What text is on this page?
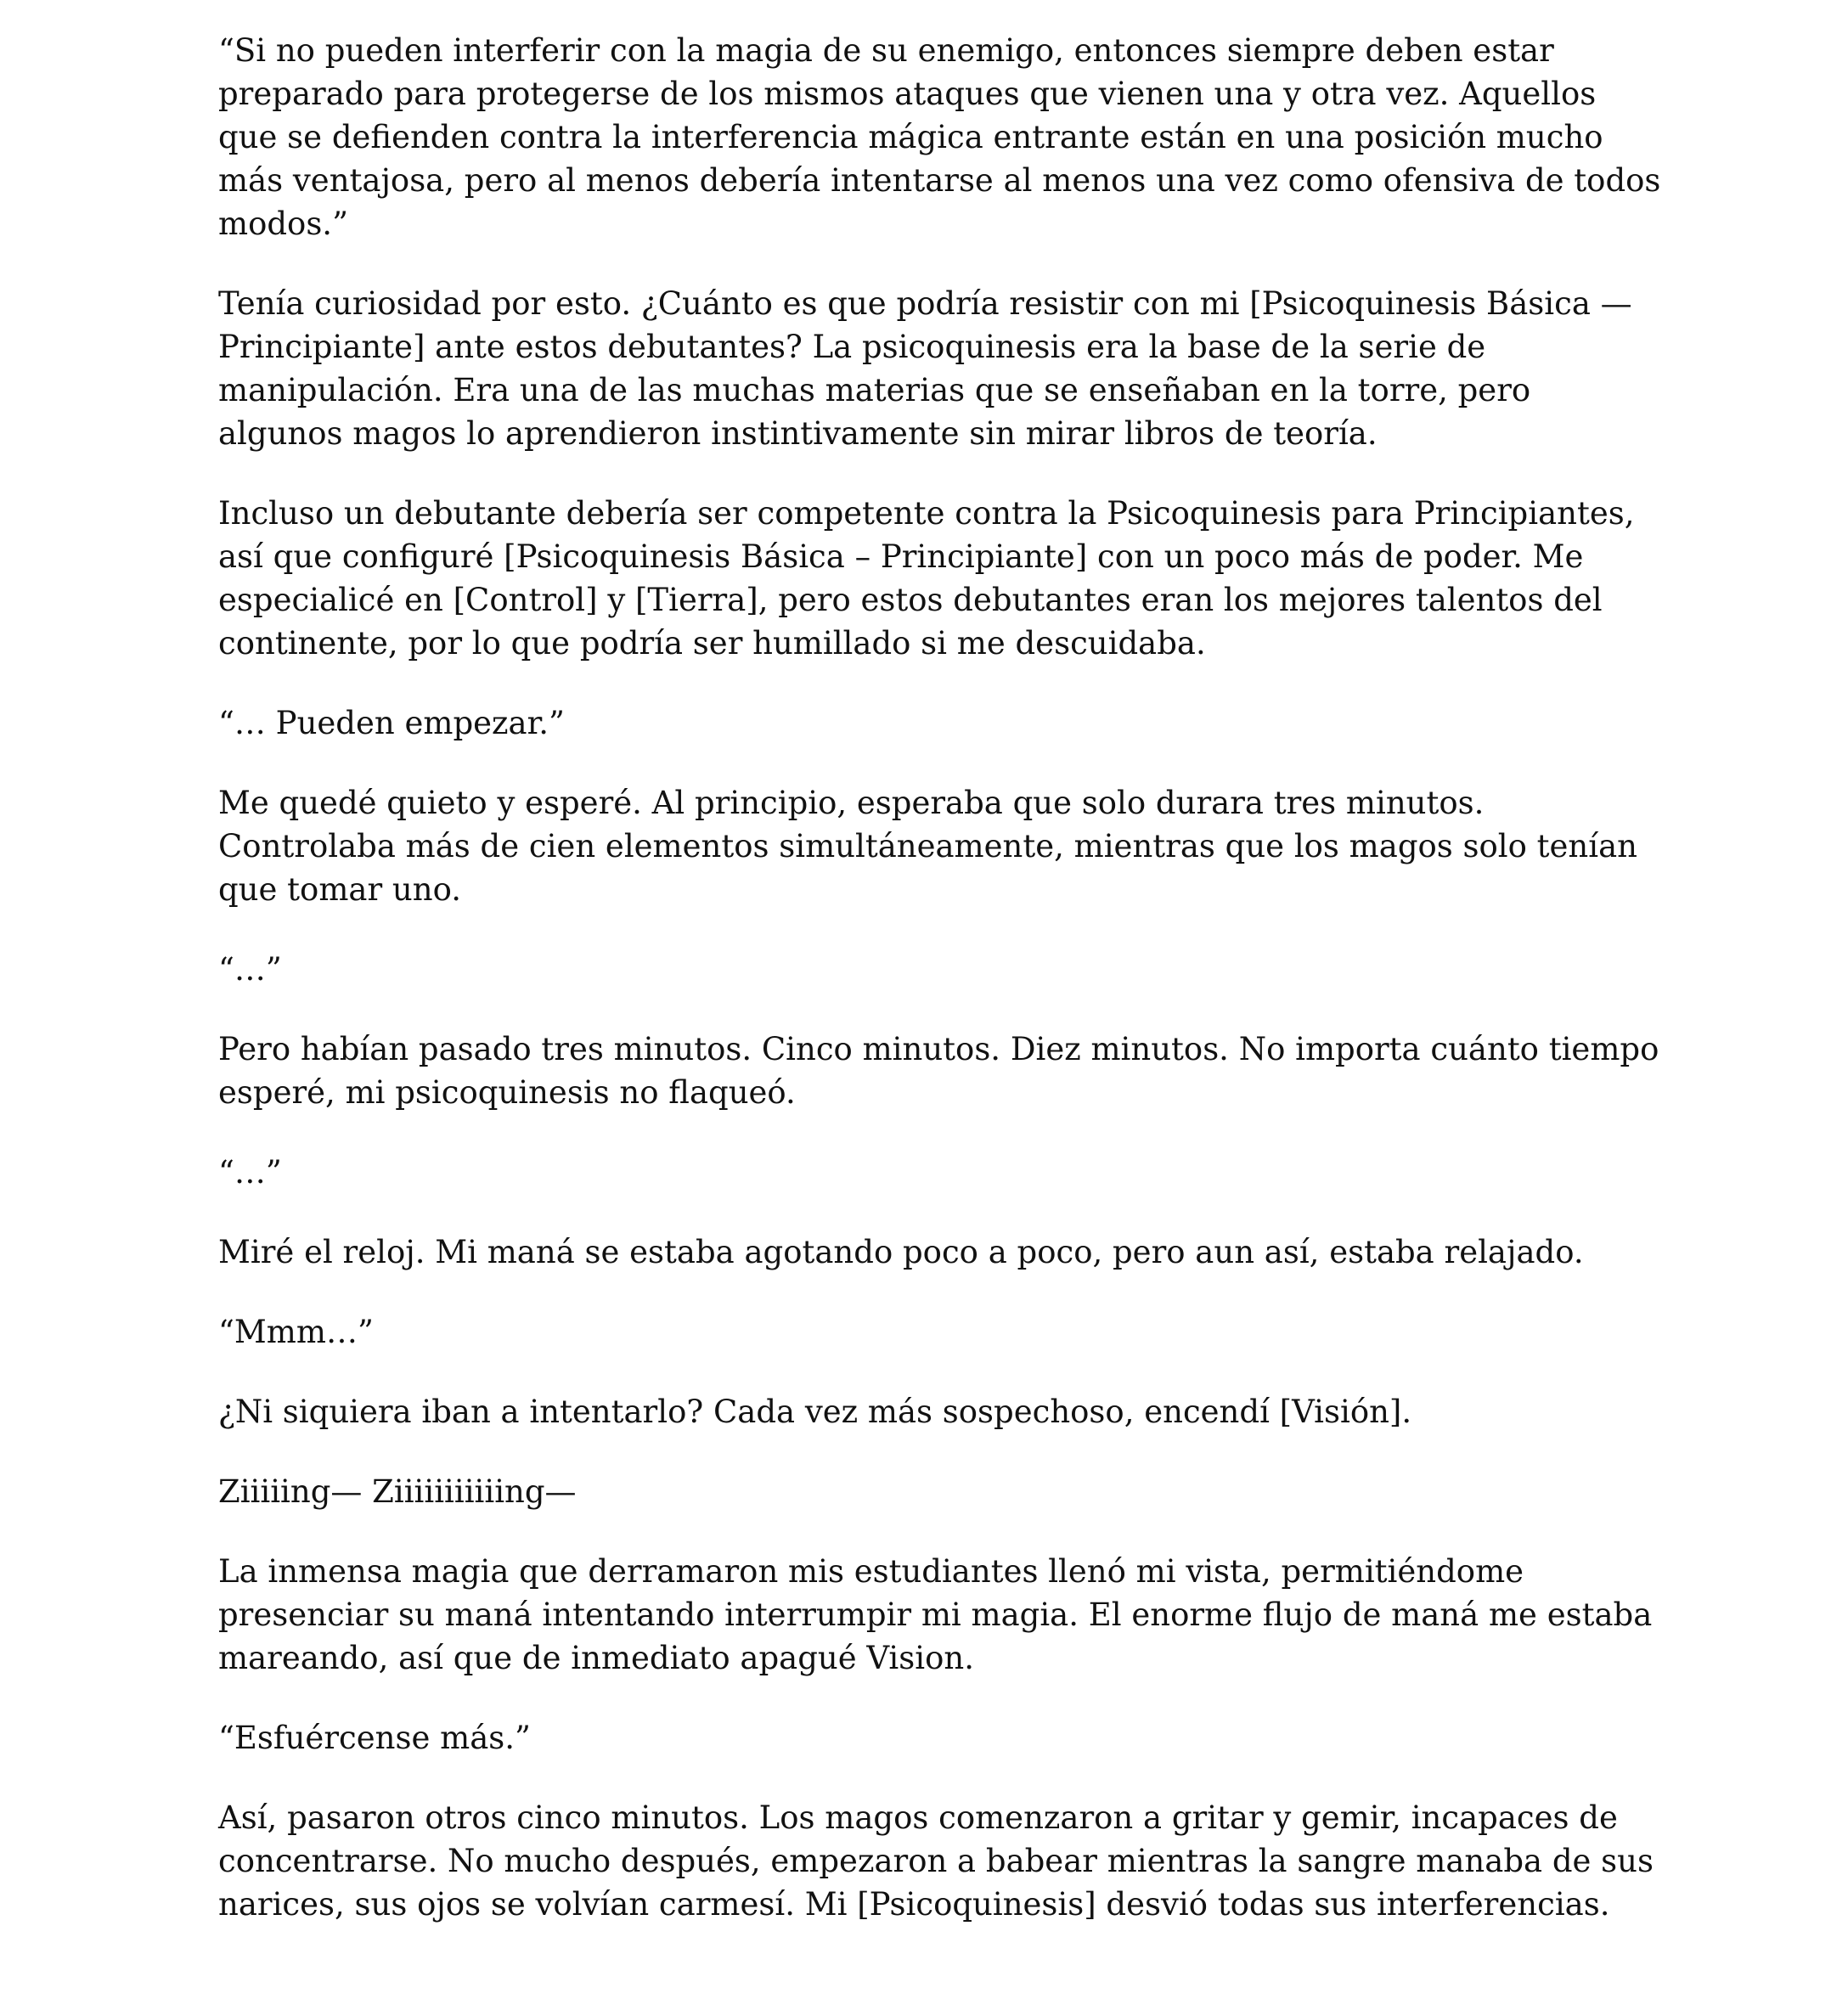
“Si no pueden interferir con la magia de su enemigo, entonces siempre deben estar preparado para protegerse de los mismos ataques que vienen una y otra vez. Aquellos que se defienden contra la interferencia mágica entrante están en una posición mucho más ventajosa, pero al menos debería intentarse al menos una vez como ofensiva de todos modos.”

Tenía curiosidad por esto. ¿Cuánto es que podría resistir con mi [Psicoquinesis Básica — Principiante] ante estos debutantes? La psicoquinesis era la base de la serie de manipulación. Era una de las muchas materias que se enseñaban en la torre, pero algunos magos lo aprendieron instintivamente sin mirar libros de teoría.

Incluso un debutante debería ser competente contra la Psicoquinesis para Principiantes, así que configuré [Psicoquinesis Básica – Principiante] con un poco más de poder. Me especialicé en [Control] y [Tierra], pero estos debutantes eran los mejores talentos del continente, por lo que podría ser humillado si me descuidaba.

“… Pueden empezar.”

Me quedé quieto y esperé. Al principio, esperaba que solo durara tres minutos. Controlaba más de cien elementos simultáneamente, mientras que los magos solo tenían que tomar uno.

“…”

Pero habían pasado tres minutos. Cinco minutos. Diez minutos. No importa cuánto tiempo esperé, mi psicoquinesis no flaqueó.

“…”

Miré el reloj. Mi maná se estaba agotando poco a poco, pero aun así, estaba relajado.

“Mmm…”

¿Ni siquiera iban a intentarlo? Cada vez más sospechoso, encendí [Visión].

Ziiiiing— Ziiiiiiiiiiing—

La inmensa magia que derramaron mis estudiantes llenó mi vista, permitiéndome presenciar su maná intentando interrumpir mi magia. El enorme flujo de maná me estaba mareando, así que de inmediato apagué Vision.

“Esfuércense más.”

Así, pasaron otros cinco minutos. Los magos comenzaron a gritar y gemir, incapaces de concentrarse. No mucho después, empezaron a babear mientras la sangre manaba de sus narices, sus ojos se volvían carmesí. Mi [Psicoquinesis] desvió todas sus interferencias.
